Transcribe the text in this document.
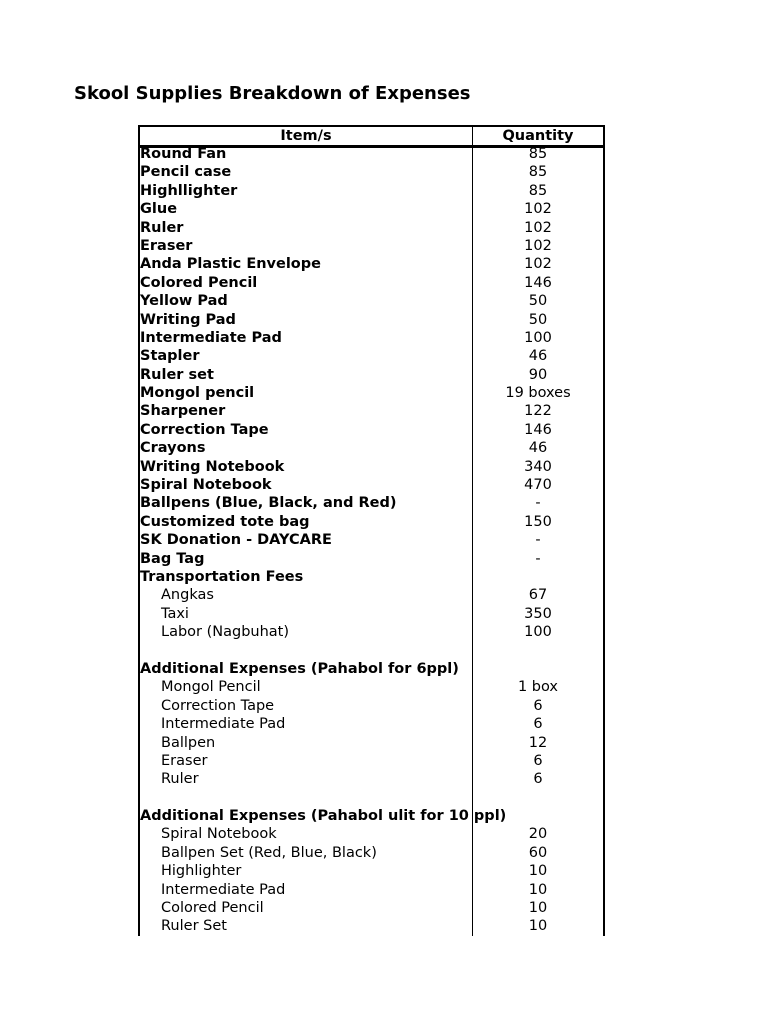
Skool Supplies Breakdown of Expenses
Item/s	Quantity
Round Fan	85
Pencil case	85
Highllighter	85
Glue	102
Ruler	102
Eraser	102
Anda Plastic Envelope	102
Colored Pencil	146
Yellow Pad	50
Writing Pad	50
Intermediate Pad	100
Stapler	46
Ruler set	90
Mongol pencil	19 boxes
Sharpener	122
Correction Tape	146
Crayons	46
Writing Notebook	340
Spiral Notebook	470
Ballpens (Blue, Black, and Red)	-
Customized tote bag	150
SK Donation - DAYCARE	-
Bag Tag	-
Transportation Fees
Angkas	67
Taxi	350
Labor (Nagbuhat)	100
Additional Expenses (Pahabol for 6ppl)
Mongol Pencil	1 box
Correction Tape	6
Intermediate Pad	6
Ballpen	12
Eraser	6
Ruler	6
Additional Expenses (Pahabol ulit for 10 ppl)
Spiral Notebook	20
Ballpen Set (Red, Blue, Black)	60
Highlighter	10
Intermediate Pad	10
Colored Pencil	10
Ruler Set	10
